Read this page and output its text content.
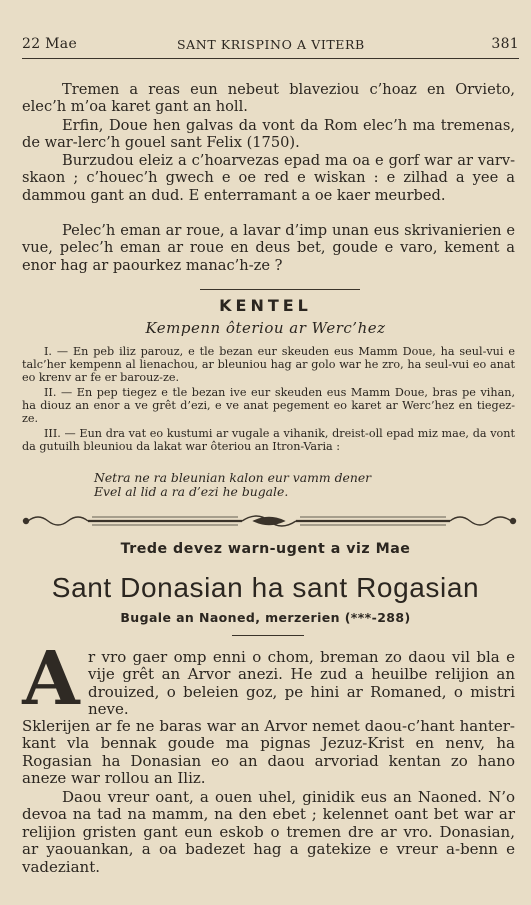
22 Mae	SANT KRISPINO A VITERB	381

Tremen a reas eun nebeut blaveziou c’hoaz en Orvieto, elec’h m’oa karet gant an holl.

Erfin, Doue hen galvas da vont da Rom elec’h ma tremenas, de war-lerc’h gouel sant Felix (1750).

Burzudou eleiz a c’hoarvezas epad ma oa e gorf war ar varv-skaon ; c’houec’h gwech e oe red e wiskan : e zilhad a yee a dammou gant an dud. E enterramant a oe kaer meurbed.

Pelec’h eman ar roue, a lavar d’imp unan eus skrivanierien e vue, pelec’h eman ar roue en deus bet, goude e varo, kement a enor hag ar paourkez manac’h-ze ?

KENTEL
Kempenn ôteriou ar Werc’hez

I. — En peb iliz parouz, e tle bezan eur skeuden eus Mamm Doue, ha seul-vui e talc’her kempenn al lienachou, ar bleuniou hag ar golo war he zro, ha seul-vui eo anat eo krenv ar fe er barouz-ze.

II. — En pep tiegez e tle bezan ive eur skeuden eus Mamm Doue, bras pe vihan, ha diouz an enor a ve grêt d’ezi, e ve anat pegement eo karet ar Werc’hez en tiegez-ze.

III. — Eun dra vat eo kustumi ar vugale a vihanik, dreist-oll epad miz mae, da vont da gutuilh bleuniou da lakat war ôteriou an Itron-Varia :

Netra ne ra bleunian kalon eur vamm dener
Evel al lid a ra d’ezi he bugale.
Trede devez warn-ugent a viz Mae
Sant Donasian ha sant Rogasian
Bugale an Naoned, merzerien (***-288)
A r vro gaer omp enni o chom, breman zo daou vil bla e vije grêt an Arvor anezi. He zud a heuilbe relijion an drouized, o beleien goz, pe hini ar Romaned, o mistri neve.

Sklerijen ar fe ne baras war an Arvor nemet daou-c’hant hanter-kant vla bennak goude ma pignas Jezuz-Krist en nenv, ha Rogasian ha Donasian eo an daou arvoriad kentan zo hano aneze war rollou an Iliz.

Daou vreur oant, a ouen uhel, ginidik eus an Naoned. N’o devoa na tad na mamm, na den ebet ; kelennet oant bet war ar relijion gristen gant eun eskob o tremen dre ar vro. Donasian, ar yaouankan, a oa badezet hag a gatekize e vreur a-benn e vadeziant.
